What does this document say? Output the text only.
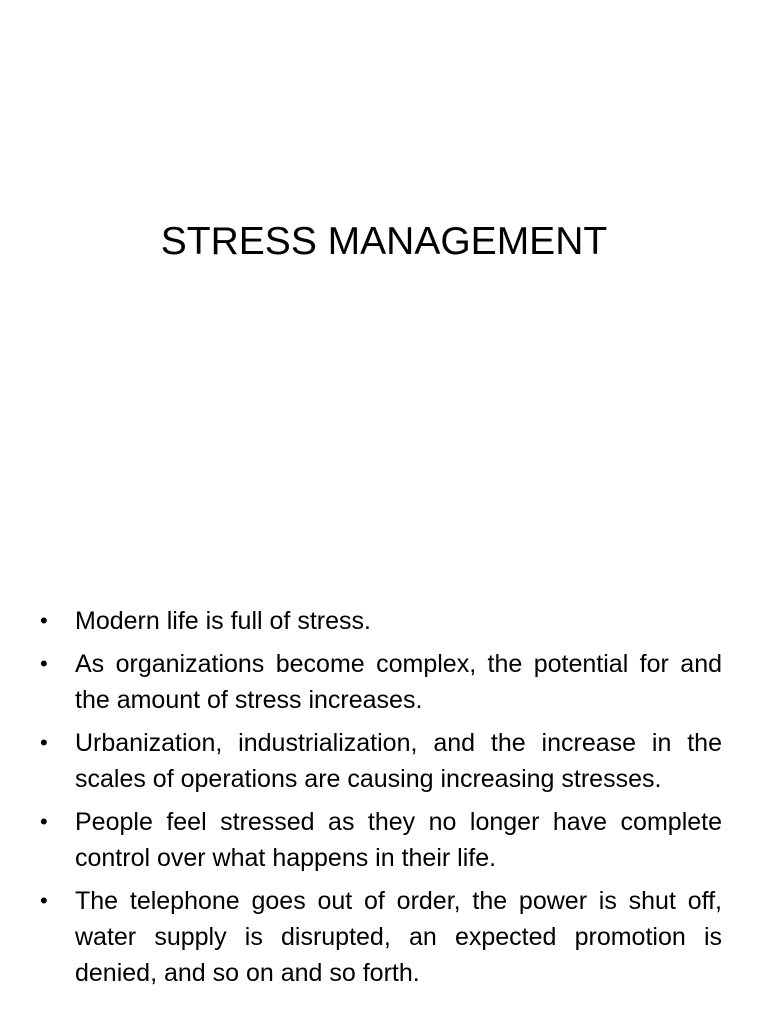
STRESS MANAGEMENT
•	Modern life is full of stress.
•	As organizations become complex, the potential for and the amount of stress increases.
•	Urbanization, industrialization, and the increase in the scales of operations are causing increasing stresses.
•	People feel stressed as they no longer have complete control over what happens in their life.
•	The telephone goes out of order, the power is shut off, water supply is disrupted, an expected promotion is denied, and so on and so forth.
